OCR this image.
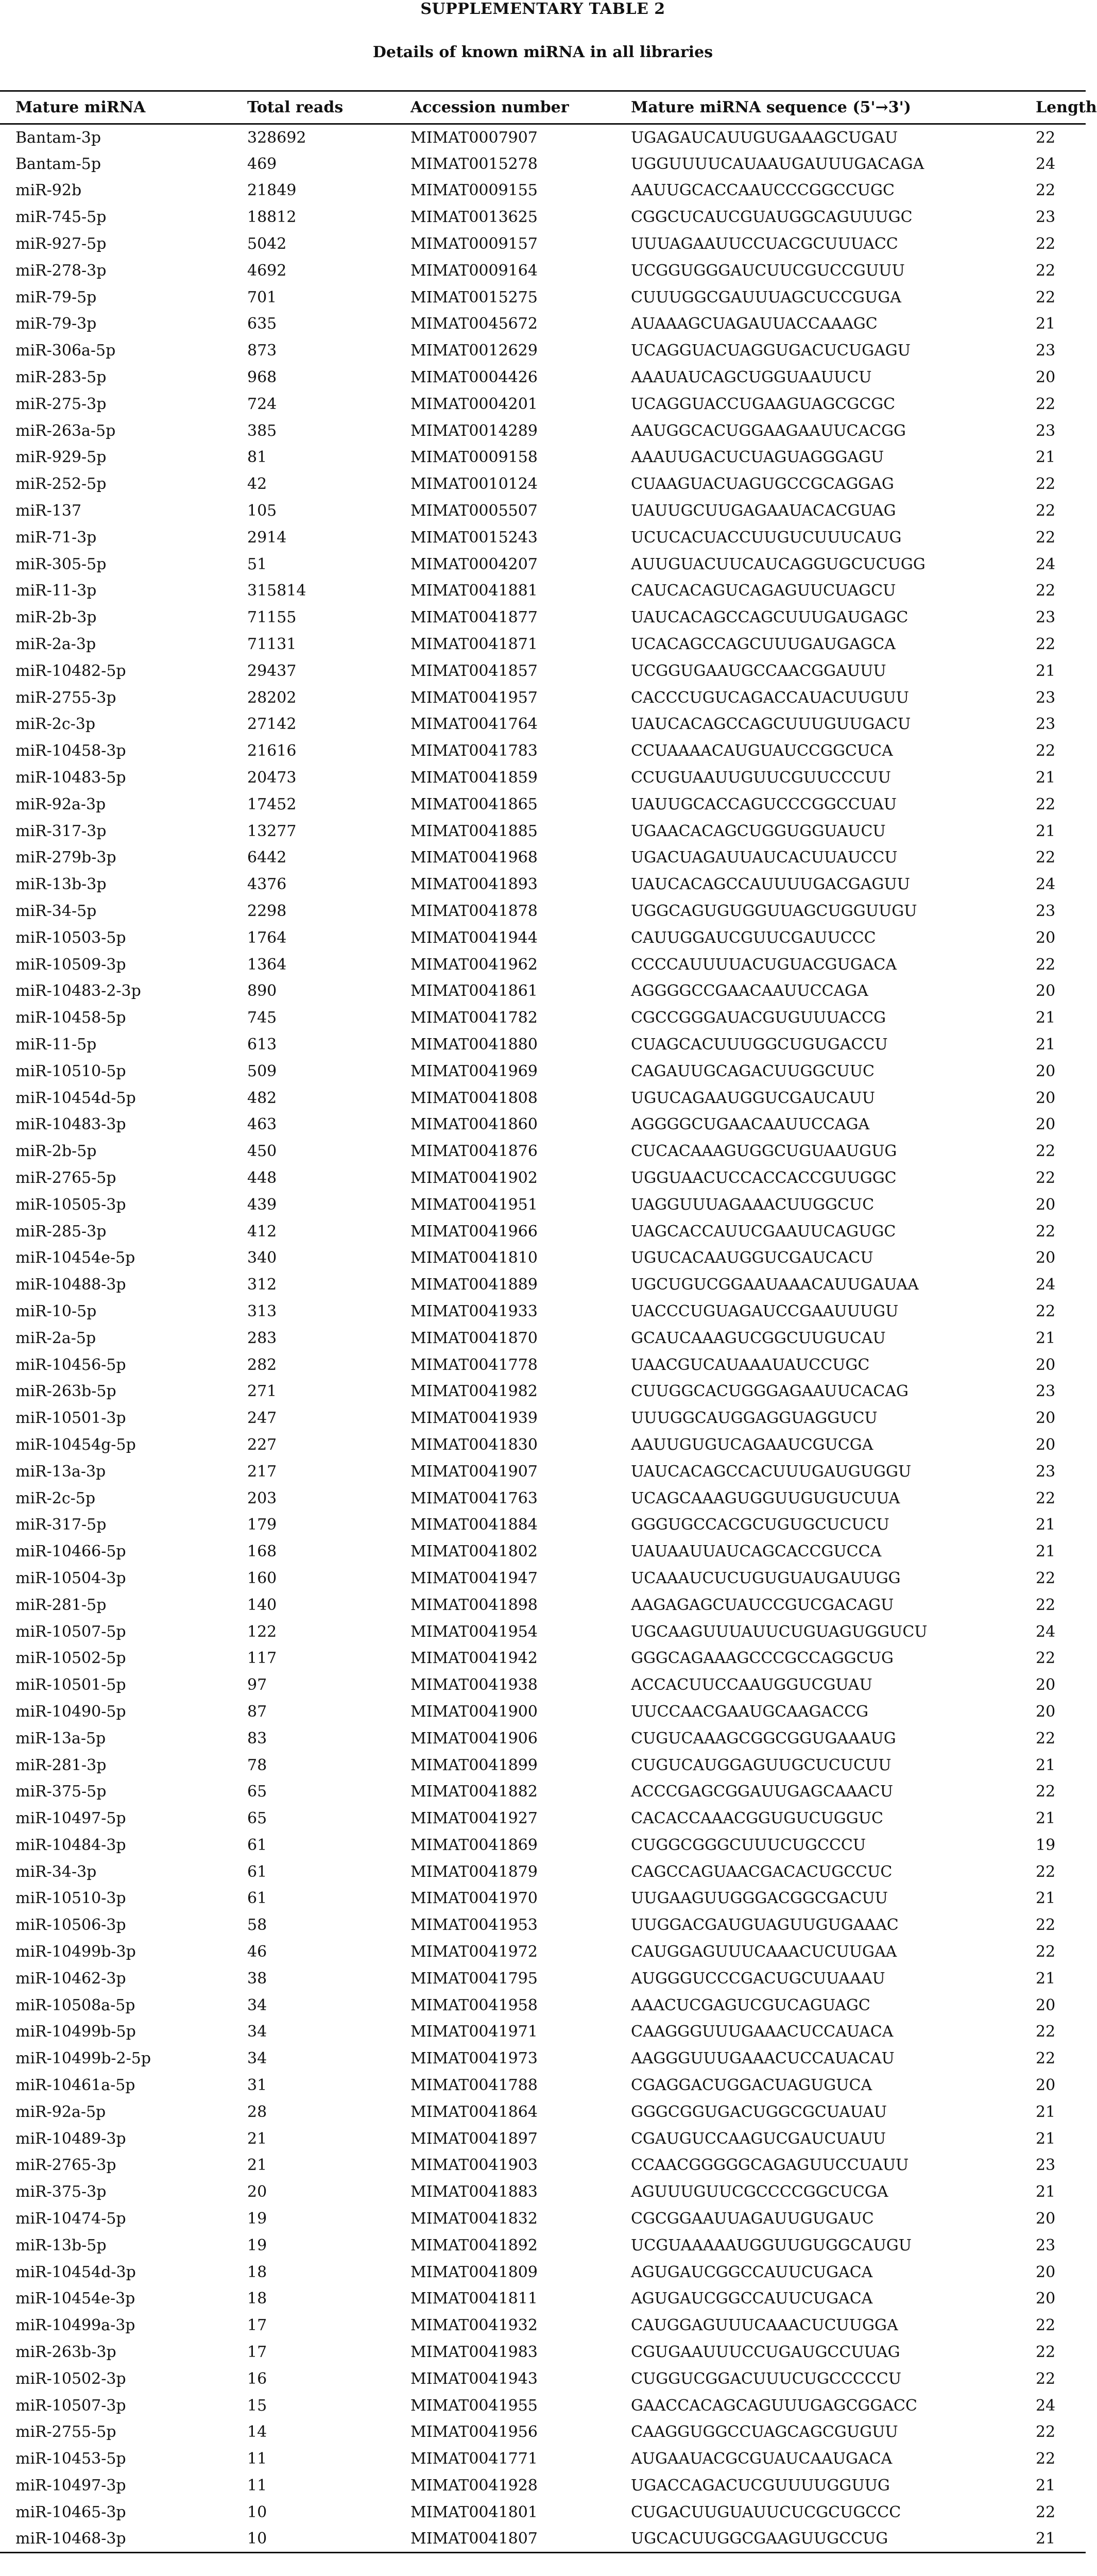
SUPPLEMENTARY TABLE 2
Details of known miRNA in all libraries
Mature miRNA	Total reads	Accession number	Mature miRNA sequence (5'→3')	Length
Bantam-3p	328692	MIMAT0007907	UGAGAUCAUUGUGAAAGCUGAU	22
Bantam-5p	469	MIMAT0015278	UGGUUUUCAUAAUGAUUUGACAGA	24
miR-92b	21849	MIMAT0009155	AAUUGCACCAAUCCCGGCCUGC	22
miR-745-5p	18812	MIMAT0013625	CGGCUCAUCGUAUGGCAGUUUGC	23
miR-927-5p	5042	MIMAT0009157	UUUAGAAUUCCUACGCUUUACC	22
miR-278-3p	4692	MIMAT0009164	UCGGUGGGAUCUUCGUCCGUUU	22
miR-79-5p	701	MIMAT0015275	CUUUGGCGAUUUAGCUCCGUGA	22
miR-79-3p	635	MIMAT0045672	AUAAAGCUAGAUUACCAAAGC	21
miR-306a-5p	873	MIMAT0012629	UCAGGUACUAGGUGACUCUGAGU	23
miR-283-5p	968	MIMAT0004426	AAAUAUCAGCUGGUAAUUCU	20
miR-275-3p	724	MIMAT0004201	UCAGGUACCUGAAGUAGCGCGC	22
miR-263a-5p	385	MIMAT0014289	AAUGGCACUGGAAGAAUUCACGG	23
miR-929-5p	81	MIMAT0009158	AAAUUGACUCUAGUAGGGAGU	21
miR-252-5p	42	MIMAT0010124	CUAAGUACUAGUGCCGCAGGAG	22
miR-137	105	MIMAT0005507	UAUUGCUUGAGAAUACACGUAG	22
miR-71-3p	2914	MIMAT0015243	UCUCACUACCUUGUCUUUCAUG	22
miR-305-5p	51	MIMAT0004207	AUUGUACUUCAUCAGGUGCUCUGG	24
miR-11-3p	315814	MIMAT0041881	CAUCACAGUCAGAGUUCUAGCU	22
miR-2b-3p	71155	MIMAT0041877	UAUCACAGCCAGCUUUGAUGAGC	23
miR-2a-3p	71131	MIMAT0041871	UCACAGCCAGCUUUGAUGAGCA	22
miR-10482-5p	29437	MIMAT0041857	UCGGUGAAUGCCAACGGAUUU	21
miR-2755-3p	28202	MIMAT0041957	CACCCUGUCAGACCAUACUUGUU	23
miR-2c-3p	27142	MIMAT0041764	UAUCACAGCCAGCUUUGUUGACU	23
miR-10458-3p	21616	MIMAT0041783	CCUAAAACAUGUAUCCGGCUCA	22
miR-10483-5p	20473	MIMAT0041859	CCUGUAAUUGUUCGUUCCCUU	21
miR-92a-3p	17452	MIMAT0041865	UAUUGCACCAGUCCCGGCCUAU	22
miR-317-3p	13277	MIMAT0041885	UGAACACAGCUGGUGGUAUCU	21
miR-279b-3p	6442	MIMAT0041968	UGACUAGAUUAUCACUUAUCCU	22
miR-13b-3p	4376	MIMAT0041893	UAUCACAGCCAUUUUGACGAGUU	24
miR-34-5p	2298	MIMAT0041878	UGGCAGUGUGGUUAGCUGGUUGU	23
miR-10503-5p	1764	MIMAT0041944	CAUUGGAUCGUUCGAUUCCC	20
miR-10509-3p	1364	MIMAT0041962	CCCCAUUUUACUGUACGUGACA	22
miR-10483-2-3p	890	MIMAT0041861	AGGGGCCGAACAAUUCCAGA	20
miR-10458-5p	745	MIMAT0041782	CGCCGGGAUACGUGUUUACCG	21
miR-11-5p	613	MIMAT0041880	CUAGCACUUUGGCUGUGACCU	21
miR-10510-5p	509	MIMAT0041969	CAGAUUGCAGACUUGGCUUC	20
miR-10454d-5p	482	MIMAT0041808	UGUCAGAAUGGUCGAUCAUU	20
miR-10483-3p	463	MIMAT0041860	AGGGGCUGAACAAUUCCAGA	20
miR-2b-5p	450	MIMAT0041876	CUCACAAAGUGGCUGUAAUGUG	22
miR-2765-5p	448	MIMAT0041902	UGGUAACUCCACCACCGUUGGC	22
miR-10505-3p	439	MIMAT0041951	UAGGUUUAGAAACUUGGCUC	20
miR-285-3p	412	MIMAT0041966	UAGCACCAUUCGAAUUCAGUGC	22
miR-10454e-5p	340	MIMAT0041810	UGUCACAAUGGUCGAUCACU	20
miR-10488-3p	312	MIMAT0041889	UGCUGUCGGAAUAAACAUUGAUAA	24
miR-10-5p	313	MIMAT0041933	UACCCUGUAGAUCCGAAUUUGU	22
miR-2a-5p	283	MIMAT0041870	GCAUCAAAGUCGGCUUGUCAU	21
miR-10456-5p	282	MIMAT0041778	UAACGUCAUAAAUAUCCUGC	20
miR-263b-5p	271	MIMAT0041982	CUUGGCACUGGGAGAAUUCACAG	23
miR-10501-3p	247	MIMAT0041939	UUUGGCAUGGAGGUAGGUCU	20
miR-10454g-5p	227	MIMAT0041830	AAUUGUGUCAGAAUCGUCGA	20
miR-13a-3p	217	MIMAT0041907	UAUCACAGCCACUUUGAUGUGGU	23
miR-2c-5p	203	MIMAT0041763	UCAGCAAAGUGGUUGUGUCUUA	22
miR-317-5p	179	MIMAT0041884	GGGUGCCACGCUGUGCUCUCU	21
miR-10466-5p	168	MIMAT0041802	UAUAAUUAUCAGCACCGUCCA	21
miR-10504-3p	160	MIMAT0041947	UCAAAUCUCUGUGUAUGAUUGG	22
miR-281-5p	140	MIMAT0041898	AAGAGAGCUAUCCGUCGACAGU	22
miR-10507-5p	122	MIMAT0041954	UGCAAGUUUAUUCUGUAGUGGUCU	24
miR-10502-5p	117	MIMAT0041942	GGGCAGAAAGCCCGCCAGGCUG	22
miR-10501-5p	97	MIMAT0041938	ACCACUUCCAAUGGUCGUAU	20
miR-10490-5p	87	MIMAT0041900	UUCCAACGAAUGCAAGACCG	20
miR-13a-5p	83	MIMAT0041906	CUGUCAAAGCGGCGGUGAAAUG	22
miR-281-3p	78	MIMAT0041899	CUGUCAUGGAGUUGCUCUCUU	21
miR-375-5p	65	MIMAT0041882	ACCCGAGCGGAUUGAGCAAACU	22
miR-10497-5p	65	MIMAT0041927	CACACCAAACGGUGUCUGGUC	21
miR-10484-3p	61	MIMAT0041869	CUGGCGGGCUUUCUGCCCU	19
miR-34-3p	61	MIMAT0041879	CAGCCAGUAACGACACUGCCUC	22
miR-10510-3p	61	MIMAT0041970	UUGAAGUUGGGACGGCGACUU	21
miR-10506-3p	58	MIMAT0041953	UUGGACGAUGUAGUUGUGAAAC	22
miR-10499b-3p	46	MIMAT0041972	CAUGGAGUUUCAAACUCUUGAA	22
miR-10462-3p	38	MIMAT0041795	AUGGGUCCCGACUGCUUAAAU	21
miR-10508a-5p	34	MIMAT0041958	AAACUCGAGUCGUCAGUAGC	20
miR-10499b-5p	34	MIMAT0041971	CAAGGGUUUGAAACUCCAUACA	22
miR-10499b-2-5p	34	MIMAT0041973	AAGGGUUUGAAACUCCAUACAU	22
miR-10461a-5p	31	MIMAT0041788	CGAGGACUGGACUAGUGUCA	20
miR-92a-5p	28	MIMAT0041864	GGGCGGUGACUGGCGCUAUAU	21
miR-10489-3p	21	MIMAT0041897	CGAUGUCCAAGUCGAUCUAUU	21
miR-2765-3p	21	MIMAT0041903	CCAACGGGGGCAGAGUUCCUAUU	23
miR-375-3p	20	MIMAT0041883	AGUUUGUUCGCCCCGGCUCGA	21
miR-10474-5p	19	MIMAT0041832	CGCGGAAUUAGAUUGUGAUC	20
miR-13b-5p	19	MIMAT0041892	UCGUAAAAAUGGUUGUGGCAUGU	23
miR-10454d-3p	18	MIMAT0041809	AGUGAUCGGCCAUUCUGACA	20
miR-10454e-3p	18	MIMAT0041811	AGUGAUCGGCCAUUCUGACA	20
miR-10499a-3p	17	MIMAT0041932	CAUGGAGUUUCAAACUCUUGGA	22
miR-263b-3p	17	MIMAT0041983	CGUGAAUUUCCUGAUGCCUUAG	22
miR-10502-3p	16	MIMAT0041943	CUGGUCGGACUUUCUGCCCCCU	22
miR-10507-3p	15	MIMAT0041955	GAACCACAGCAGUUUGAGCGGACC	24
miR-2755-5p	14	MIMAT0041956	CAAGGUGGCCUAGCAGCGUGUU	22
miR-10453-5p	11	MIMAT0041771	AUGAAUACGCGUAUCAAUGACA	22
miR-10497-3p	11	MIMAT0041928	UGACCAGACUCGUUUUGGUUG	21
miR-10465-3p	10	MIMAT0041801	CUGACUUGUAUUCUCGCUGCCC	22
miR-10468-3p	10	MIMAT0041807	UGCACUUGGCGAAGUUGCCUG	21
